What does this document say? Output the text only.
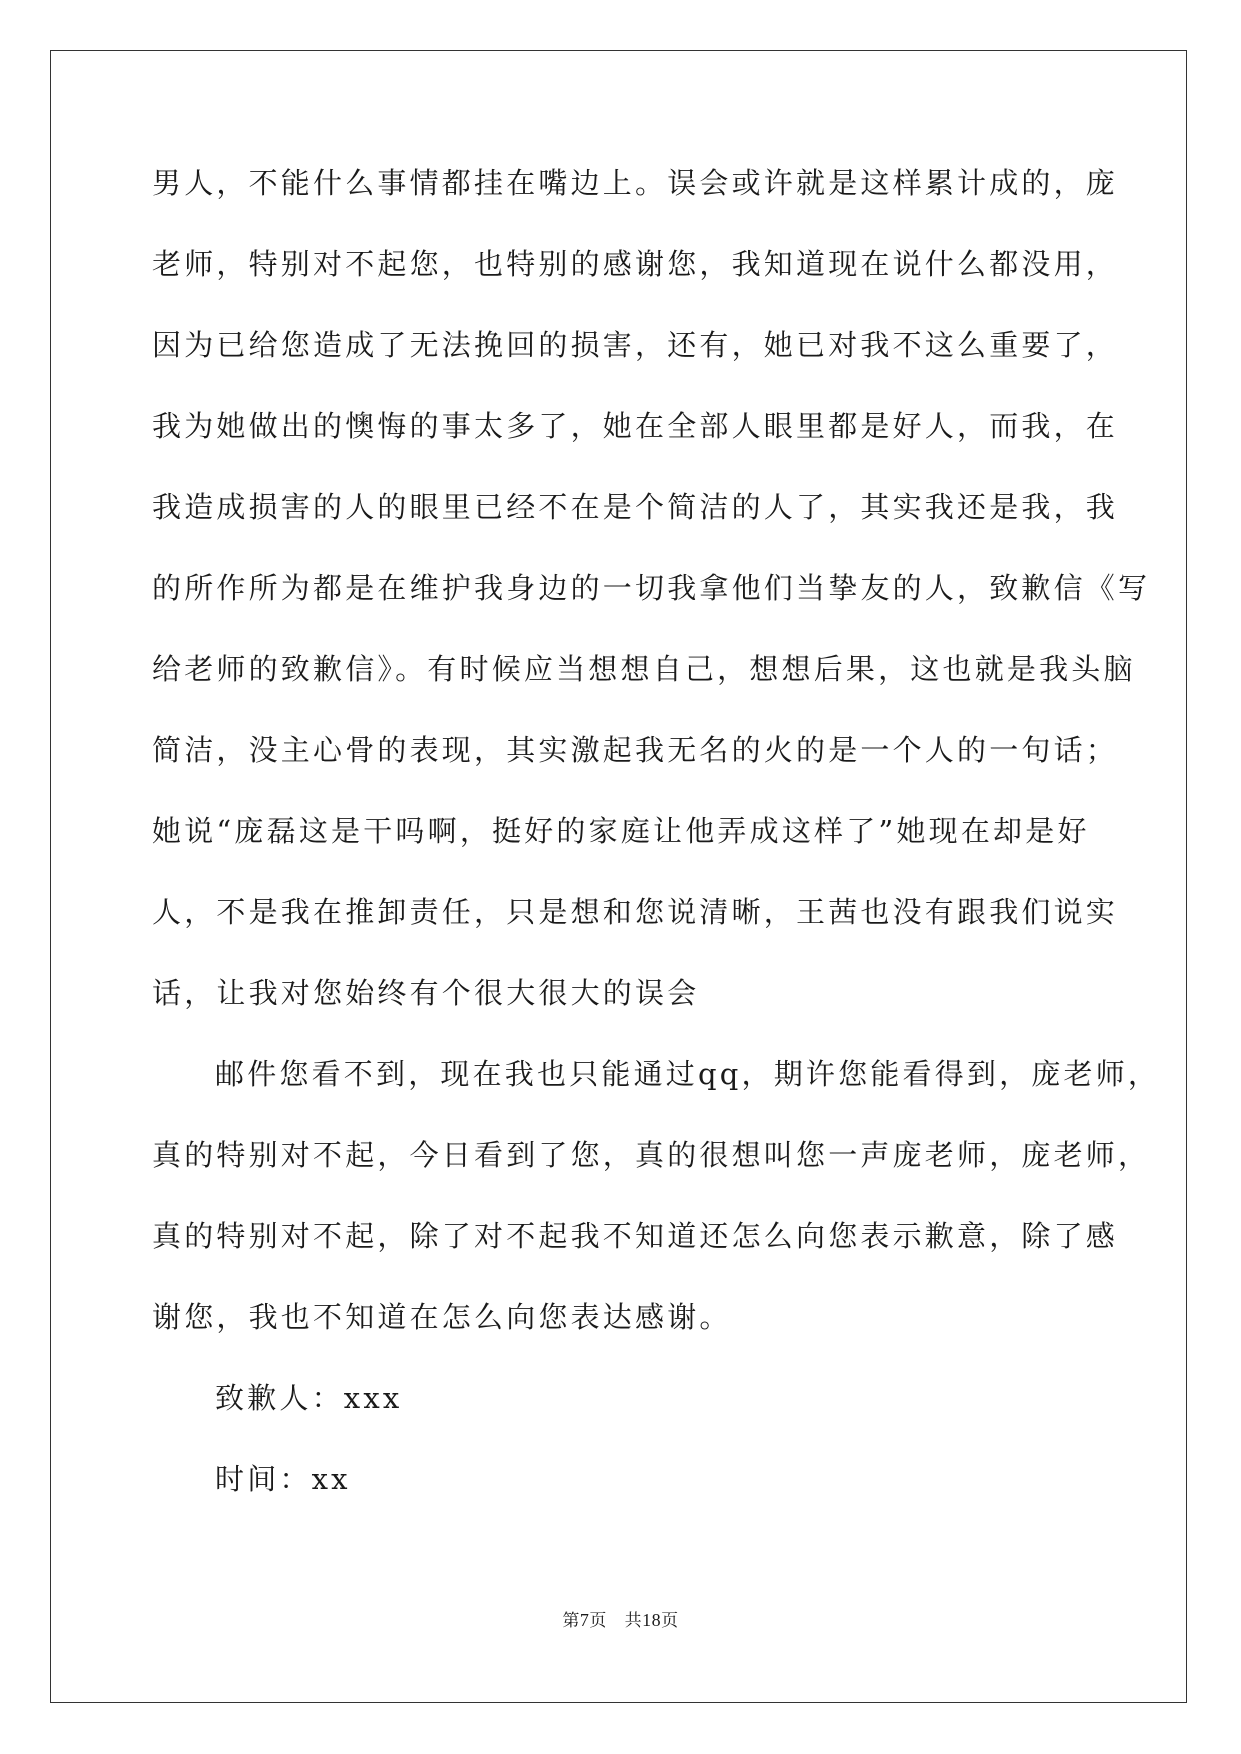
男人，不能什么事情都挂在嘴边上。误会或许就是这样累计成的，庞
老师，特别对不起您，也特别的感谢您，我知道现在说什么都没用，
因为已给您造成了无法挽回的损害，还有，她已对我不这么重要了，
我为她做出的懊悔的事太多了，她在全部人眼里都是好人，而我，在
我造成损害的人的眼里已经不在是个简洁的人了，其实我还是我，我
的所作所为都是在维护我身边的一切我拿他们当挚友的人，致歉信《写
给老师的致歉信》。有时候应当想想自己，想想后果，这也就是我头脑
简洁，没主心骨的表现，其实激起我无名的火的是一个人的一句话；
她说“庞磊这是干吗啊，挺好的家庭让他弄成这样了”她现在却是好
人，不是我在推卸责任，只是想和您说清晰，王茜也没有跟我们说实
话，让我对您始终有个很大很大的误会
邮件您看不到，现在我也只能通过qq，期许您能看得到，庞老师，
真的特别对不起，今日看到了您，真的很想叫您一声庞老师，庞老师，
真的特别对不起，除了对不起我不知道还怎么向您表示歉意，除了感
谢您，我也不知道在怎么向您表达感谢。
致歉人：xxx
时间：xx
第7页 共18页
